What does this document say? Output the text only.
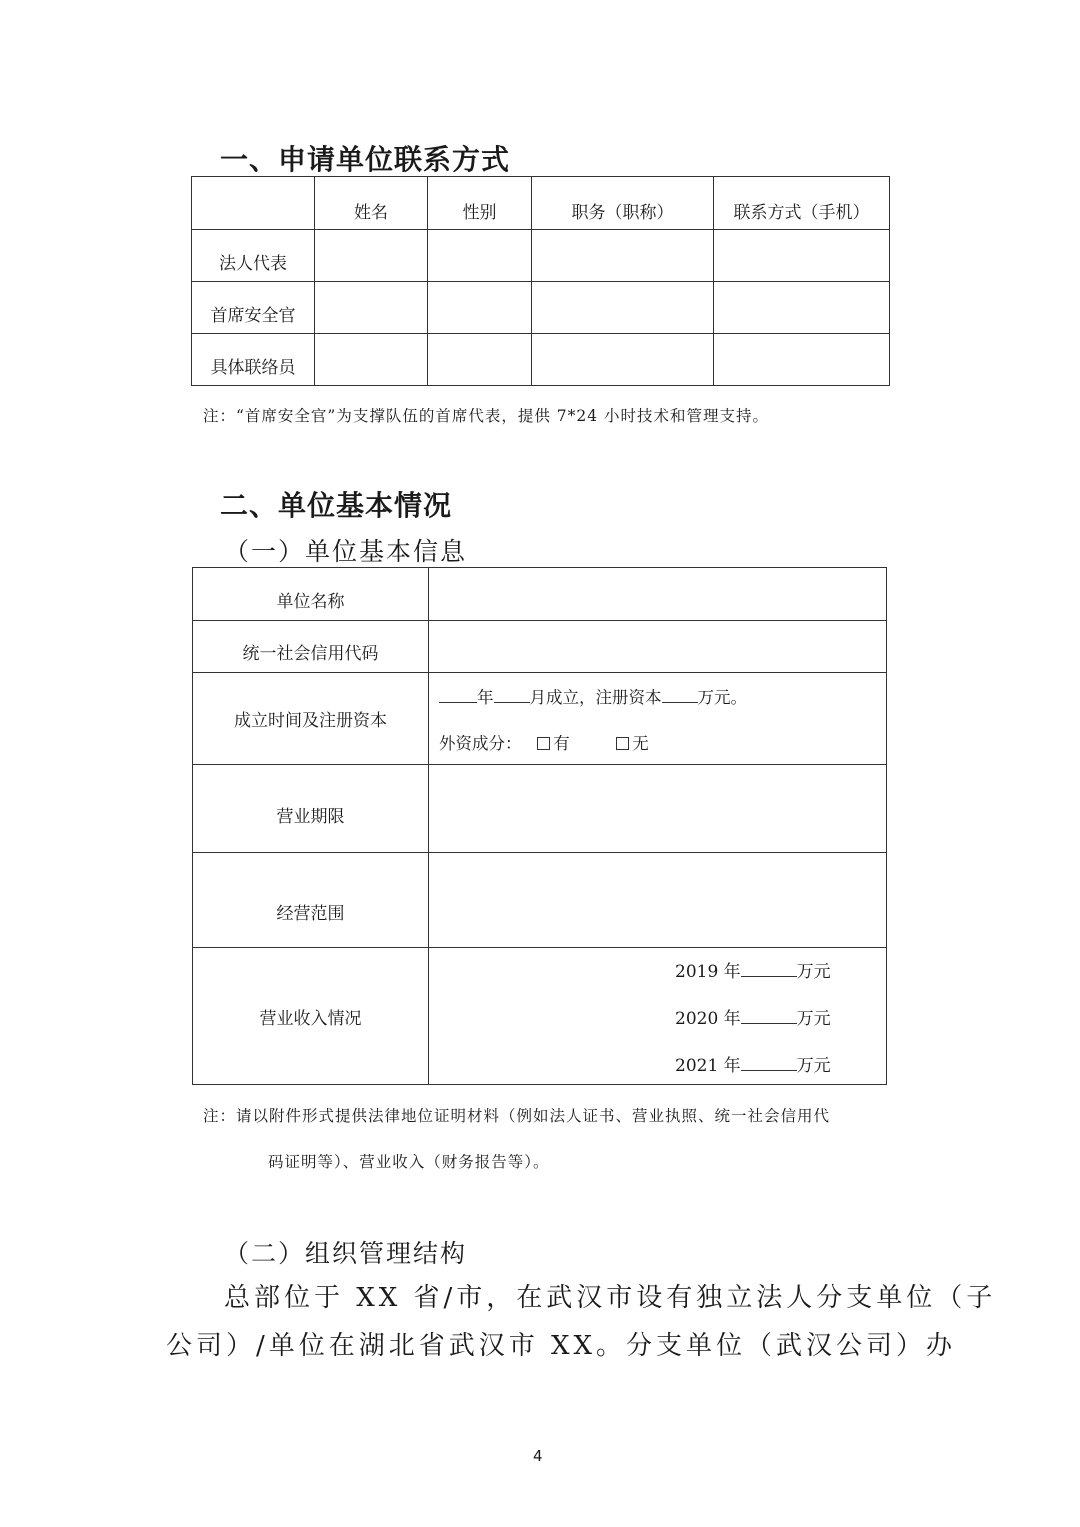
一、申请单位联系方式
	姓名	性别	职务（职称）	联系方式（手机）
法人代表				
首席安全官				
具体联络员				
注：“首席安全官”为支撑队伍的首席代表，提供 7*24 小时技术和管理支持。
二、单位基本情况
（一）单位基本信息
单位名称	
统一社会信用代码	
成立时间及注册资本	年 月成立，注册资本 万元。
外资成分： 有 无

营业期限	
经营范围	
营业收入情况	2019 年 万元
2020 年 万元
2021 年 万元
注：请以附件形式提供法律地位证明材料（例如法人证书、营业执照、统一社会信用代
码证明等）、营业收入（财务报告等）。
（二）组织管理结构
总部位于 XX 省/市，在武汉市设有独立法人分支单位（子
公司）/单位在湖北省武汉市 XX。分支单位（武汉公司）办
4
